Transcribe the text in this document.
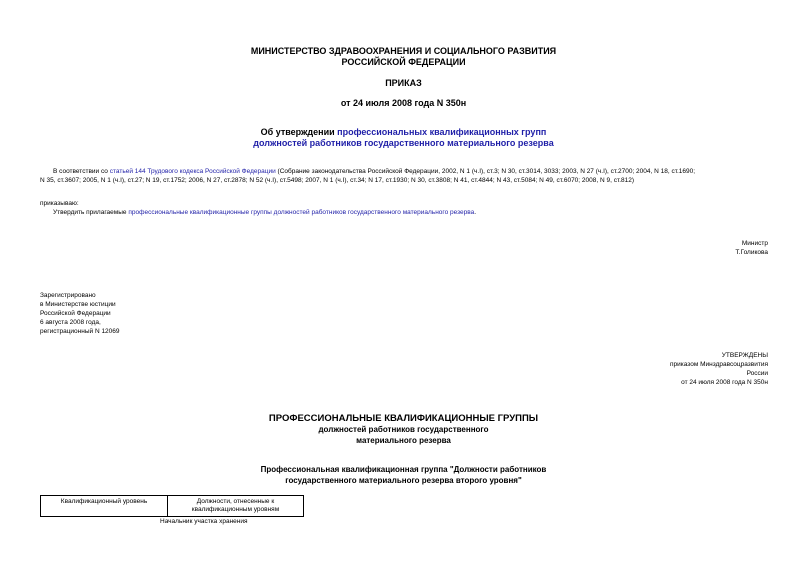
МИНИСТЕРСТВО ЗДРАВООХРАНЕНИЯ И СОЦИАЛЬНОГО РАЗВИТИЯ
РОССИЙСКОЙ ФЕДЕРАЦИИ
ПРИКАЗ
от 24 июля 2008 года N 350н
Об утверждении профессиональных квалификационных групп
должностей работников государственного материального резерва
В соответствии со статьей 144 Трудового кодекса Российской Федерации (Собрание законодательства Российской Федерации, 2002, N 1 (ч.I), ст.3; N 30, ст.3014, 3033; 2003, N 27 (ч.I), ст.2700; 2004, N 18, ст.1690;
N 35, ст.3607; 2005, N 1 (ч.I), ст.27; N 19, ст.1752; 2006, N 27, ст.2878; N 52 (ч.I), ст.5498; 2007, N 1 (ч.I), ст.34; N 17, ст.1930; N 30, ст.3808; N 41, ст.4844; N 43, ст.5084; N 49, ст.6070; 2008, N 9, ст.812)
приказываю:
Утвердить прилагаемые профессиональные квалификационные группы должностей работников государственного материального резерва.
Министр
Т.Голикова
Зарегистрировано
в Министерстве юстиции
Российской Федерации
6 августа 2008 года,
регистрационный N 12069
УТВЕРЖДЕНЫ
приказом Минздравсоцразвития
России
от 24 июля 2008 года N 350н
ПРОФЕССИОНАЛЬНЫЕ КВАЛИФИКАЦИОННЫЕ ГРУППЫ
должностей работников государственного
материального резерва
Профессиональная квалификационная группа "Должности работников
государственного материального резерва второго уровня"
Квалификационный уровень	Должности, отнесенные к
квалификационным уровням
Начальник участка хранения
